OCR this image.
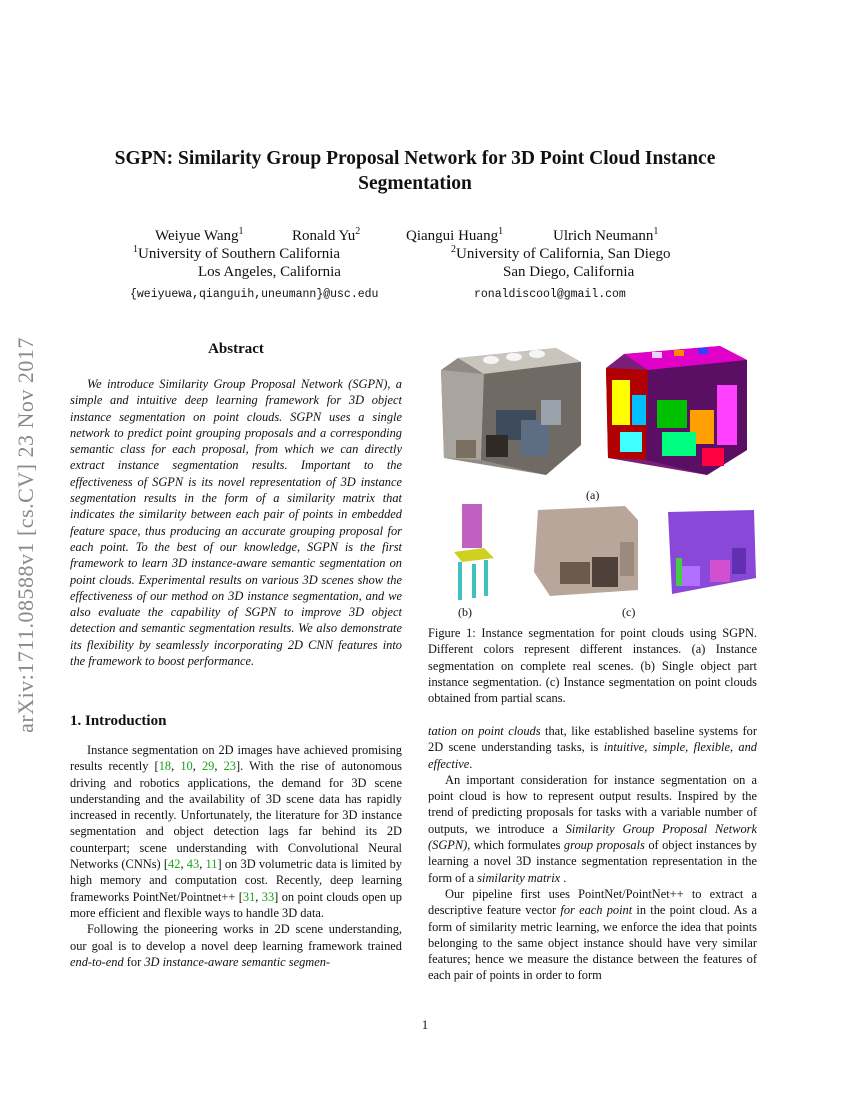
arXiv:1711.08588v1 [cs.CV] 23 Nov 2017
SGPN: Similarity Group Proposal Network for 3D Point Cloud Instance
Segmentation
Weiyue Wang$^1$	Ronald Yu$^2$	Qiangui Huang$^1$	Ulrich Neumann$^1$
$^1$University of Southern California
Los Angeles, California
{weiyuewa,qianguih,uneumann}@usc.edu
$^2$University of California, San Diego
San Diego, California
ronaldiscool@gmail.com
Abstract
We introduce Similarity Group Proposal Network (SGPN), a simple and intuitive deep learning framework for 3D object instance segmentation on point clouds. SGPN uses a single network to predict point grouping proposals and a corresponding semantic class for each proposal, from which we can directly extract instance segmentation results. Important to the effectiveness of SGPN is its novel representation of 3D instance segmentation results in the form of a similarity matrix that indicates the similarity between each pair of points in embedded feature space, thus producing an accurate grouping proposal for each point. To the best of our knowledge, SGPN is the first framework to learn 3D instance-aware semantic segmentation on point clouds. Experimental results on various 3D scenes show the effectiveness of our method on 3D instance segmentation, and we also evaluate the capability of SGPN to improve 3D object detection and semantic segmentation results. We also demonstrate its flexibility by seamlessly incorporating 2D CNN features into the framework to boost performance.
1. Introduction

Instance segmentation on 2D images have achieved promising results recently [18, 10, 29, 23]. With the rise of autonomous driving and robotics applications, the demand for 3D scene understanding and the availability of 3D scene data has rapidly increased in recently. Unfortunately, the literature for 3D instance segmentation and object detection lags far behind its 2D counterpart; scene understanding with Convolutional Neural Networks (CNNs) [42, 43, 11] on 3D volumetric data is limited by high memory and computation cost. Recently, deep learning frameworks PointNet/Pointnet++ [31, 33] on point clouds open up more efficient and flexible ways to handle 3D data.

Following the pioneering works in 2D scene understanding, our goal is to develop a novel deep learning framework trained end-to-end for 3D instance-aware semantic segmen-

(a)
(b)	(c)
Figure 1: Instance segmentation for point clouds using SGPN. Different colors represent different instances. (a) Instance segmentation on complete real scenes. (b) Single object part instance segmentation. (c) Instance segmentation on point clouds obtained from partial scans.

tation on point clouds that, like established baseline systems for 2D scene understanding tasks, is intuitive, simple, flexible, and effective.

An important consideration for instance segmentation on a point cloud is how to represent output results. Inspired by the trend of predicting proposals for tasks with a variable number of outputs, we introduce a Similarity Group Proposal Network (SGPN), which formulates group proposals of object instances by learning a novel 3D instance segmentation representation in the form of a similarity matrix .

Our pipeline first uses PointNet/PointNet++ to extract a descriptive feature vector for each point in the point cloud. As a form of similarity metric learning, we enforce the idea that points belonging to the same object instance should have very similar features; hence we measure the distance between the features of each pair of points in order to form

1
